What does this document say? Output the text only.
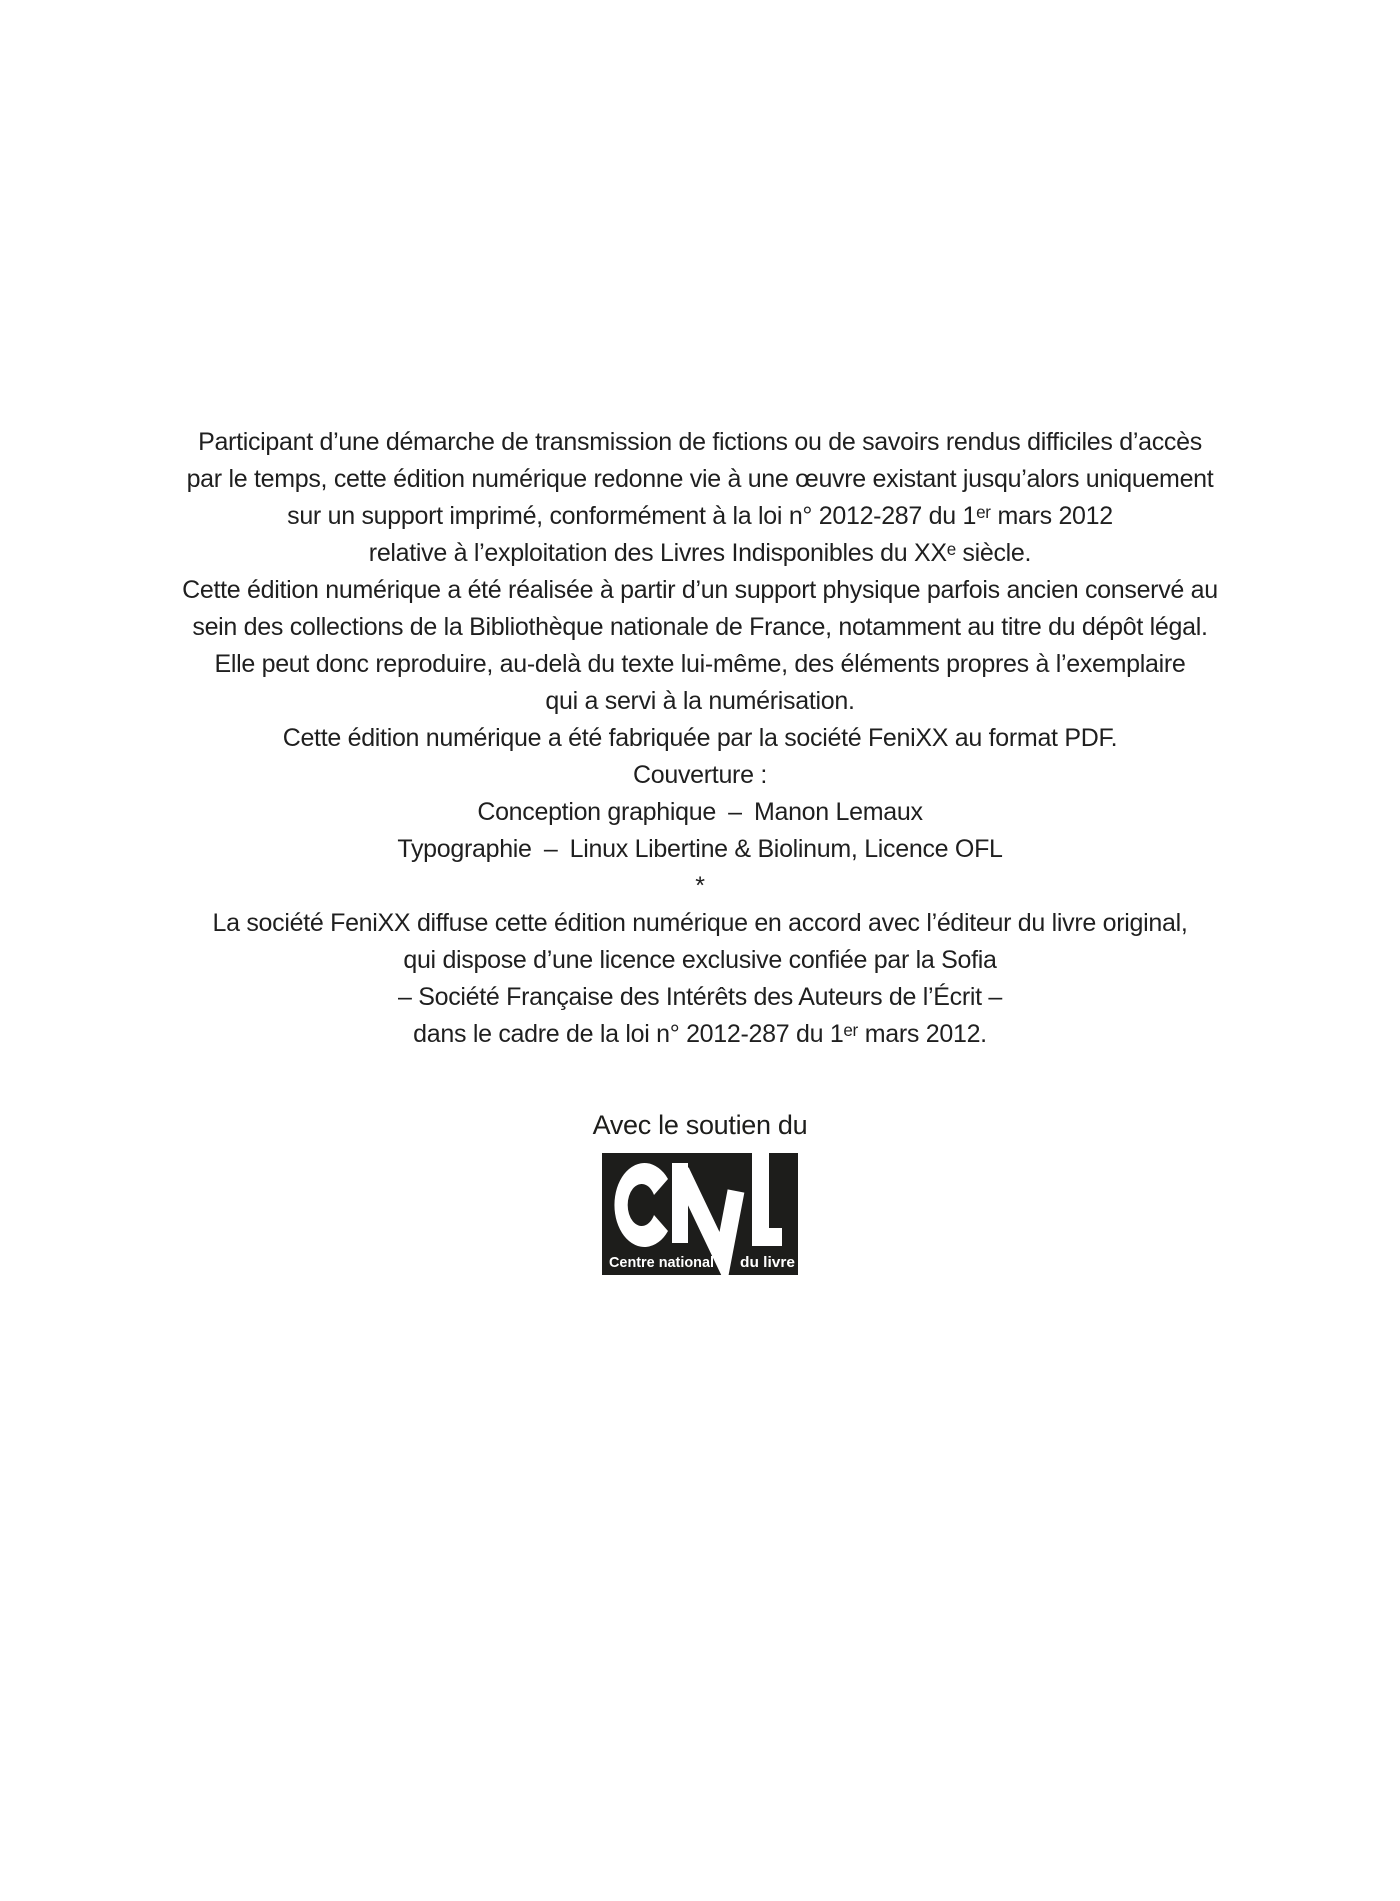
Participant d’une démarche de transmission de fictions ou de savoirs rendus difficiles d’accès
par le temps, cette édition numérique redonne vie à une œuvre existant jusqu’alors uniquement
sur un support imprimé, conformément à la loi n° 2012-287 du 1ᵉʳ mars 2012
relative à l’exploitation des Livres Indisponibles du XXᵉ siècle.

Cette édition numérique a été réalisée à partir d’un support physique parfois ancien conservé au
sein des collections de la Bibliothèque nationale de France, notamment au titre du dépôt légal.
Elle peut donc reproduire, au-delà du texte lui-même, des éléments propres à l’exemplaire
qui a servi à la numérisation.

Cette édition numérique a été fabriquée par la société FeniXX au format PDF.

Couverture :
Conception graphique – Manon Lemaux
Typographie – Linux Libertine & Biolinum, Licence OFL

*

La société FeniXX diffuse cette édition numérique en accord avec l’éditeur du livre original,
qui dispose d’une licence exclusive confiée par la Sofia
– Société Française des Intérêts des Auteurs de l’Écrit –
dans le cadre de la loi n° 2012-287 du 1ᵉʳ mars 2012.

Avec le soutien du
Centre national du livre
